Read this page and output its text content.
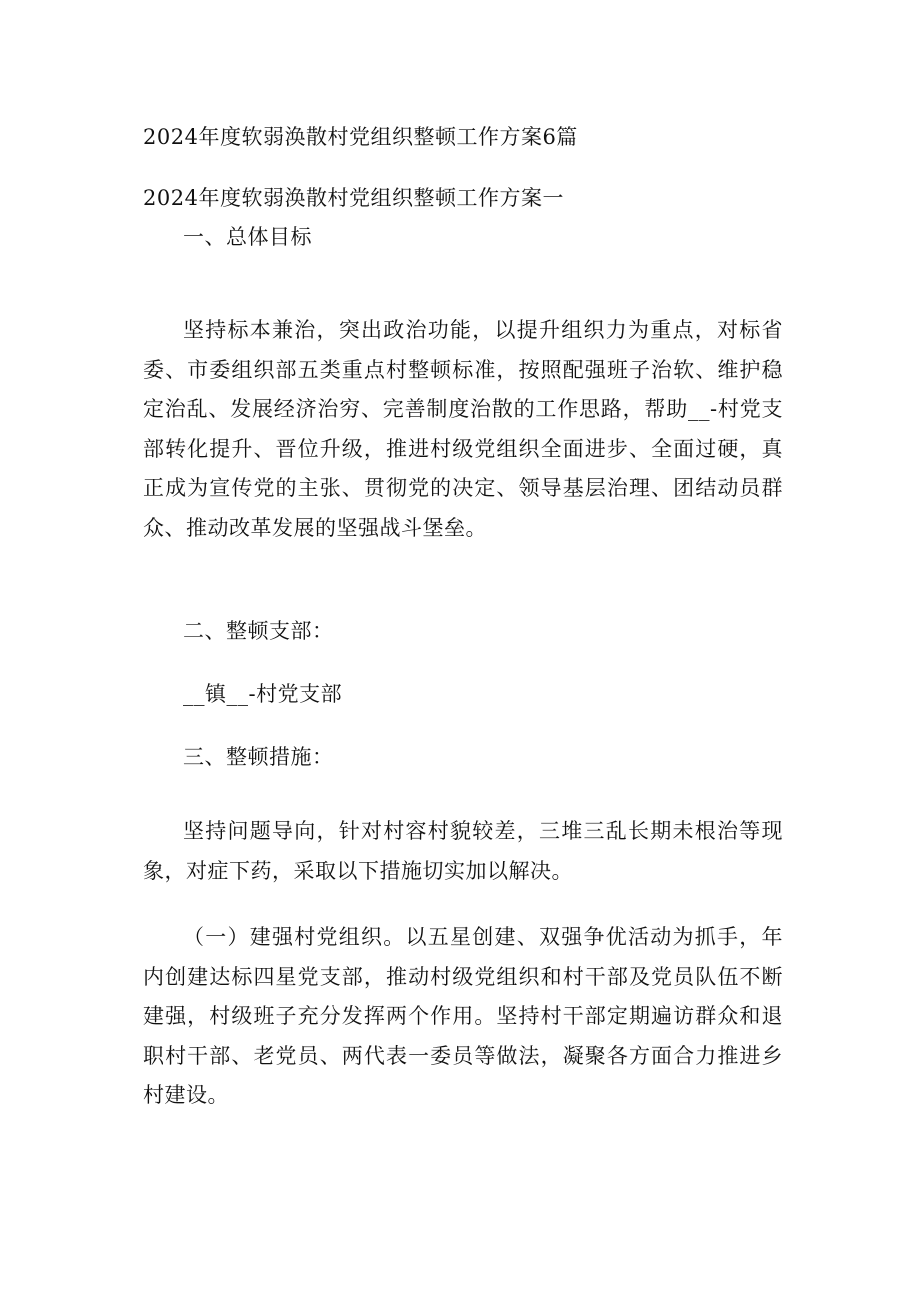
2024年度软弱涣散村党组织整顿工作方案6篇
2024年度软弱涣散村党组织整顿工作方案一
一、总体目标

坚持标本兼治，突出政治功能，以提升组织力为重点，对标省委、市委组织部五类重点村整顿标准，按照配强班子治软、维护稳定治乱、发展经济治穷、完善制度治散的工作思路，帮助__-村党支部转化提升、晋位升级，推进村级党组织全面进步、全面过硬，真正成为宣传党的主张、贯彻党的决定、领导基层治理、团结动员群众、推动改革发展的坚强战斗堡垒。

二、整顿支部：
__镇__-村党支部
三、整顿措施：

坚持问题导向，针对村容村貌较差，三堆三乱长期未根治等现象，对症下药，采取以下措施切实加以解决。

（一）建强村党组织。以五星创建、双强争优活动为抓手，年内创建达标四星党支部，推动村级党组织和村干部及党员队伍不断建强，村级班子充分发挥两个作用。坚持村干部定期遍访群众和退职村干部、老党员、两代表一委员等做法，凝聚各方面合力推进乡村建设。
